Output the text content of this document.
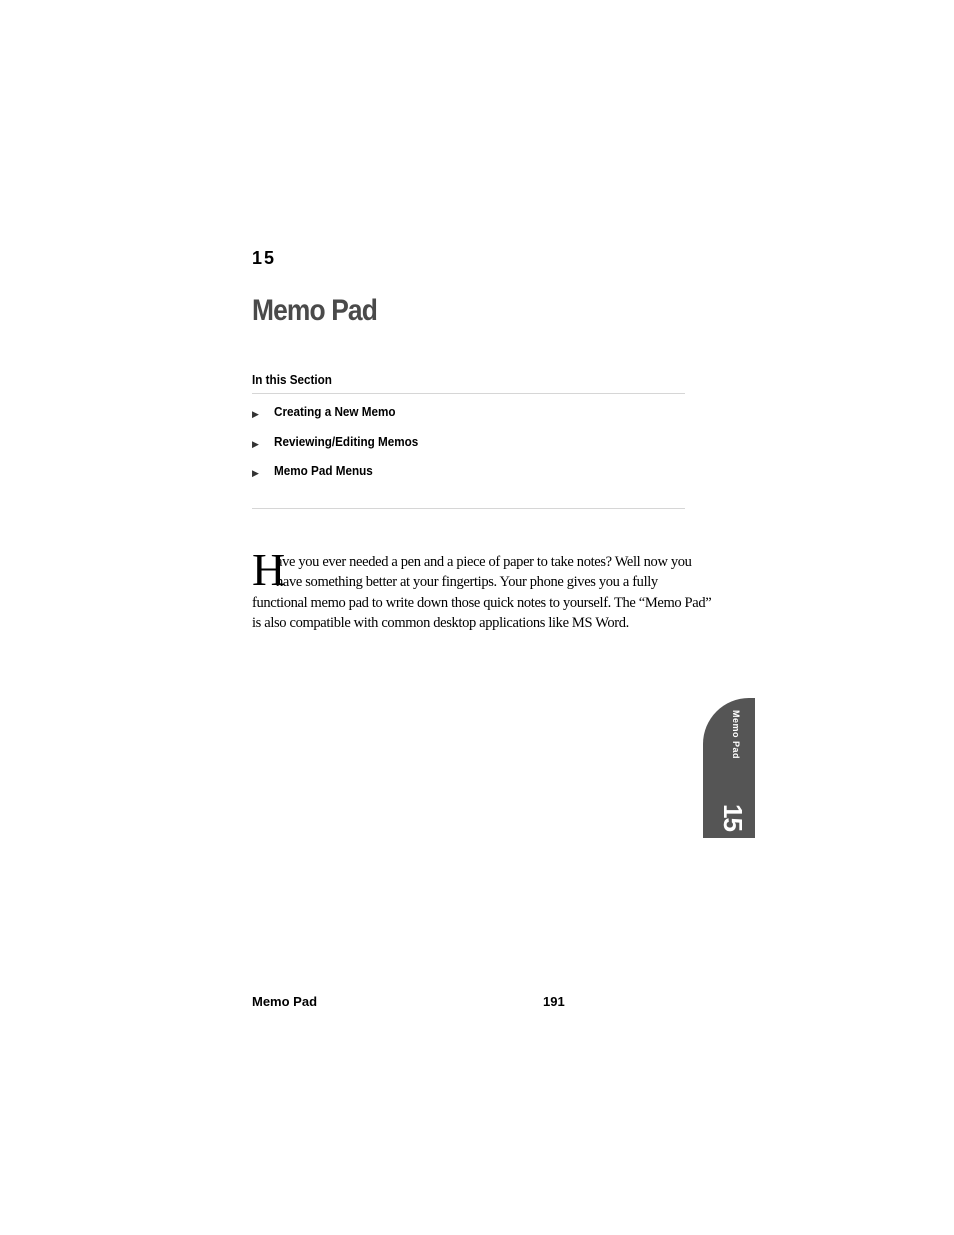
15
Memo Pad
In this Section
▶	Creating a New Memo
▶	Reviewing/Editing Memos
▶	Memo Pad Menus
H

ave you ever needed a pen and a piece of paper to take notes? Well now you
have something better at your fingertips. Your phone gives you a fully
functional memo pad to write down those quick notes to yourself. The “Memo Pad”
is also compatible with common desktop applications like MS Word.

Memo Pad
15
Memo Pad	191
